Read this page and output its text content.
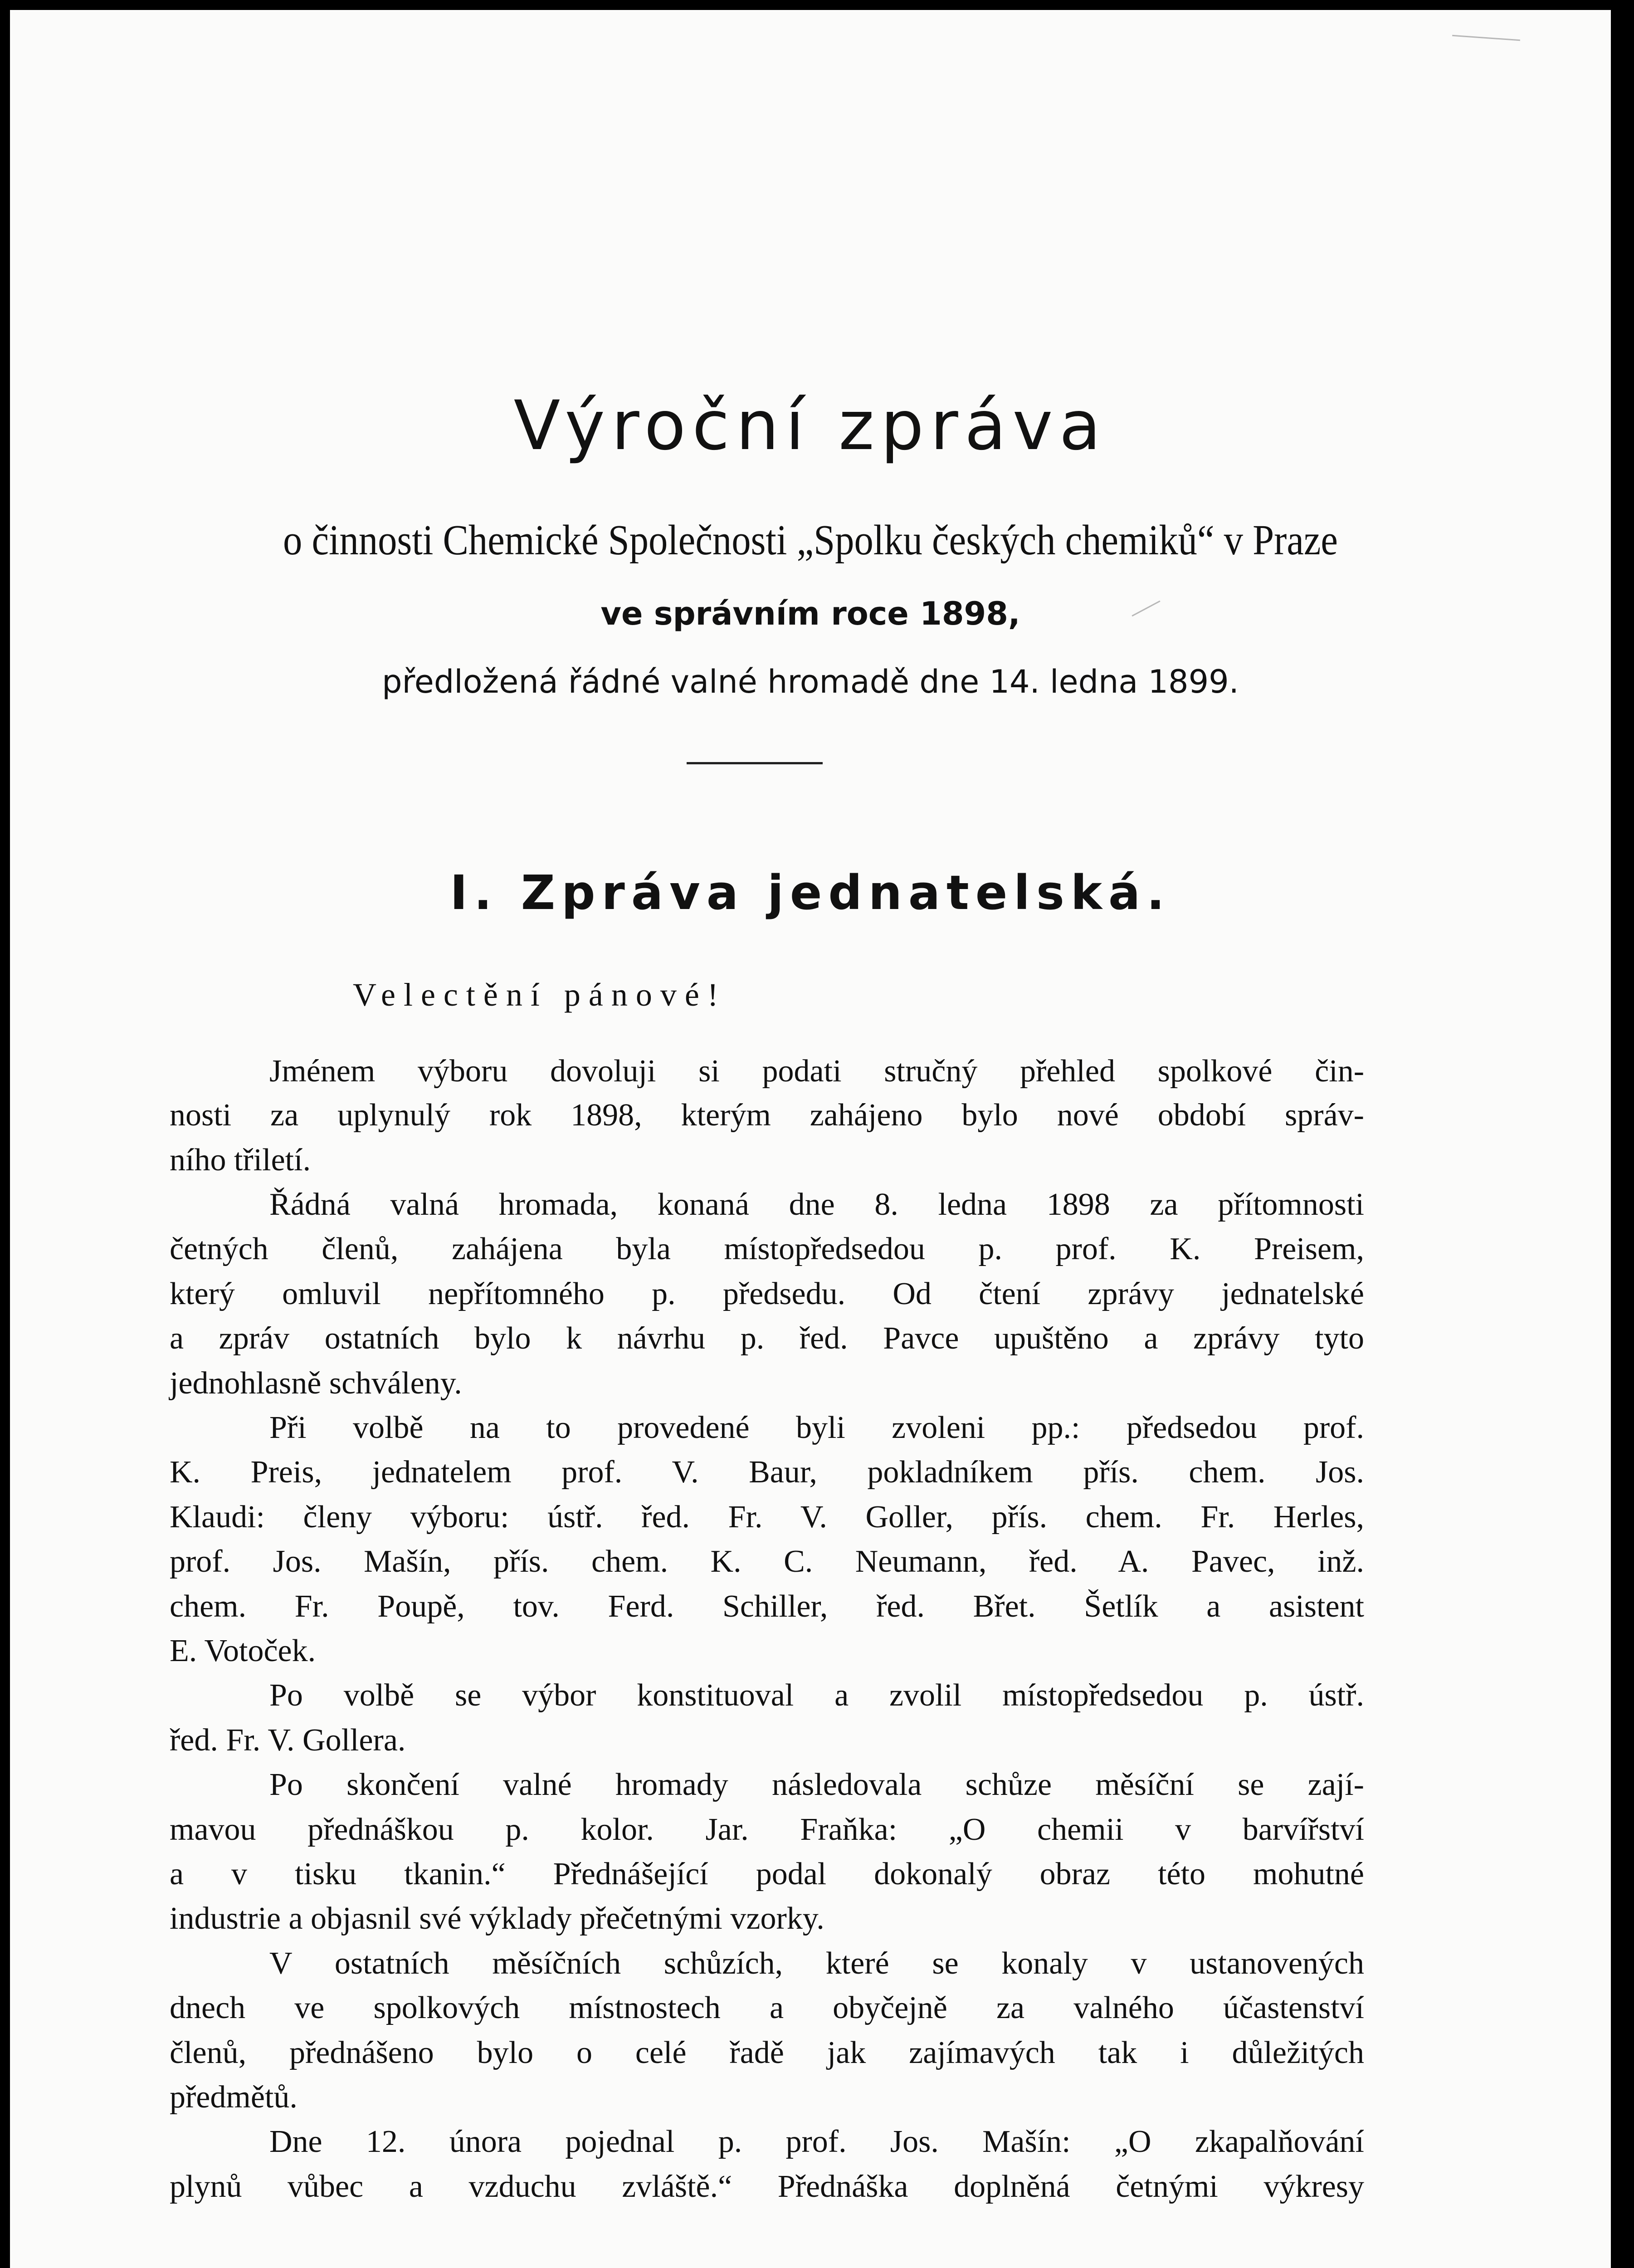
Výroční zpráva
o činnosti Chemické Společnosti „Spolku českých chemiků“ v Praze
ve správním roce 1898,
předložená řádné valné hromadě dne 14. ledna 1899.
I. Zpráva jednatelská.
Velectění pánové!
Jménem výboru dovoluji si podati stručný přehled spolkové čin-
nosti za uplynulý rok 1898, kterým zahájeno bylo nové období správ-
ního třiletí.
Řádná valná hromada, konaná dne 8. ledna 1898 za přítomnosti
četných členů, zahájena byla místopředsedou p. prof. K. Preisem,
který omluvil nepřítomného p. předsedu. Od čtení zprávy jednatelské
a zpráv ostatních bylo k návrhu p. řed. Pavce upuštěno a zprávy tyto
jednohlasně schváleny.
Při volbě na to provedené byli zvoleni pp.: předsedou prof.
K. Preis, jednatelem prof. V. Baur, pokladníkem přís. chem. Jos.
Klaudi: členy výboru: ústř. řed. Fr. V. Goller, přís. chem. Fr. Herles,
prof. Jos. Mašín, přís. chem. K. C. Neumann, řed. A. Pavec, inž.
chem. Fr. Poupě, tov. Ferd. Schiller, řed. Břet. Šetlík a asistent
E. Votoček.
Po volbě se výbor konstituoval a zvolil místopředsedou p. ústř.
řed. Fr. V. Gollera.
Po skončení valné hromady následovala schůze měsíční se zají-
mavou přednáškou p. kolor. Jar. Fraňka: „O chemii v barvířství
a v tisku tkanin.“ Přednášející podal dokonalý obraz této mohutné
industrie a objasnil své výklady přečetnými vzorky.
V ostatních měsíčních schůzích, které se konaly v ustanovených
dnech ve spolkových místnostech a obyčejně za valného účastenství
členů, přednášeno bylo o celé řadě jak zajímavých tak i důležitých
předmětů.
Dne 12. února pojednal p. prof. Jos. Mašín: „O zkapalňování
plynů vůbec a vzduchu zvláště.“ Přednáška doplněná četnými výkresy
